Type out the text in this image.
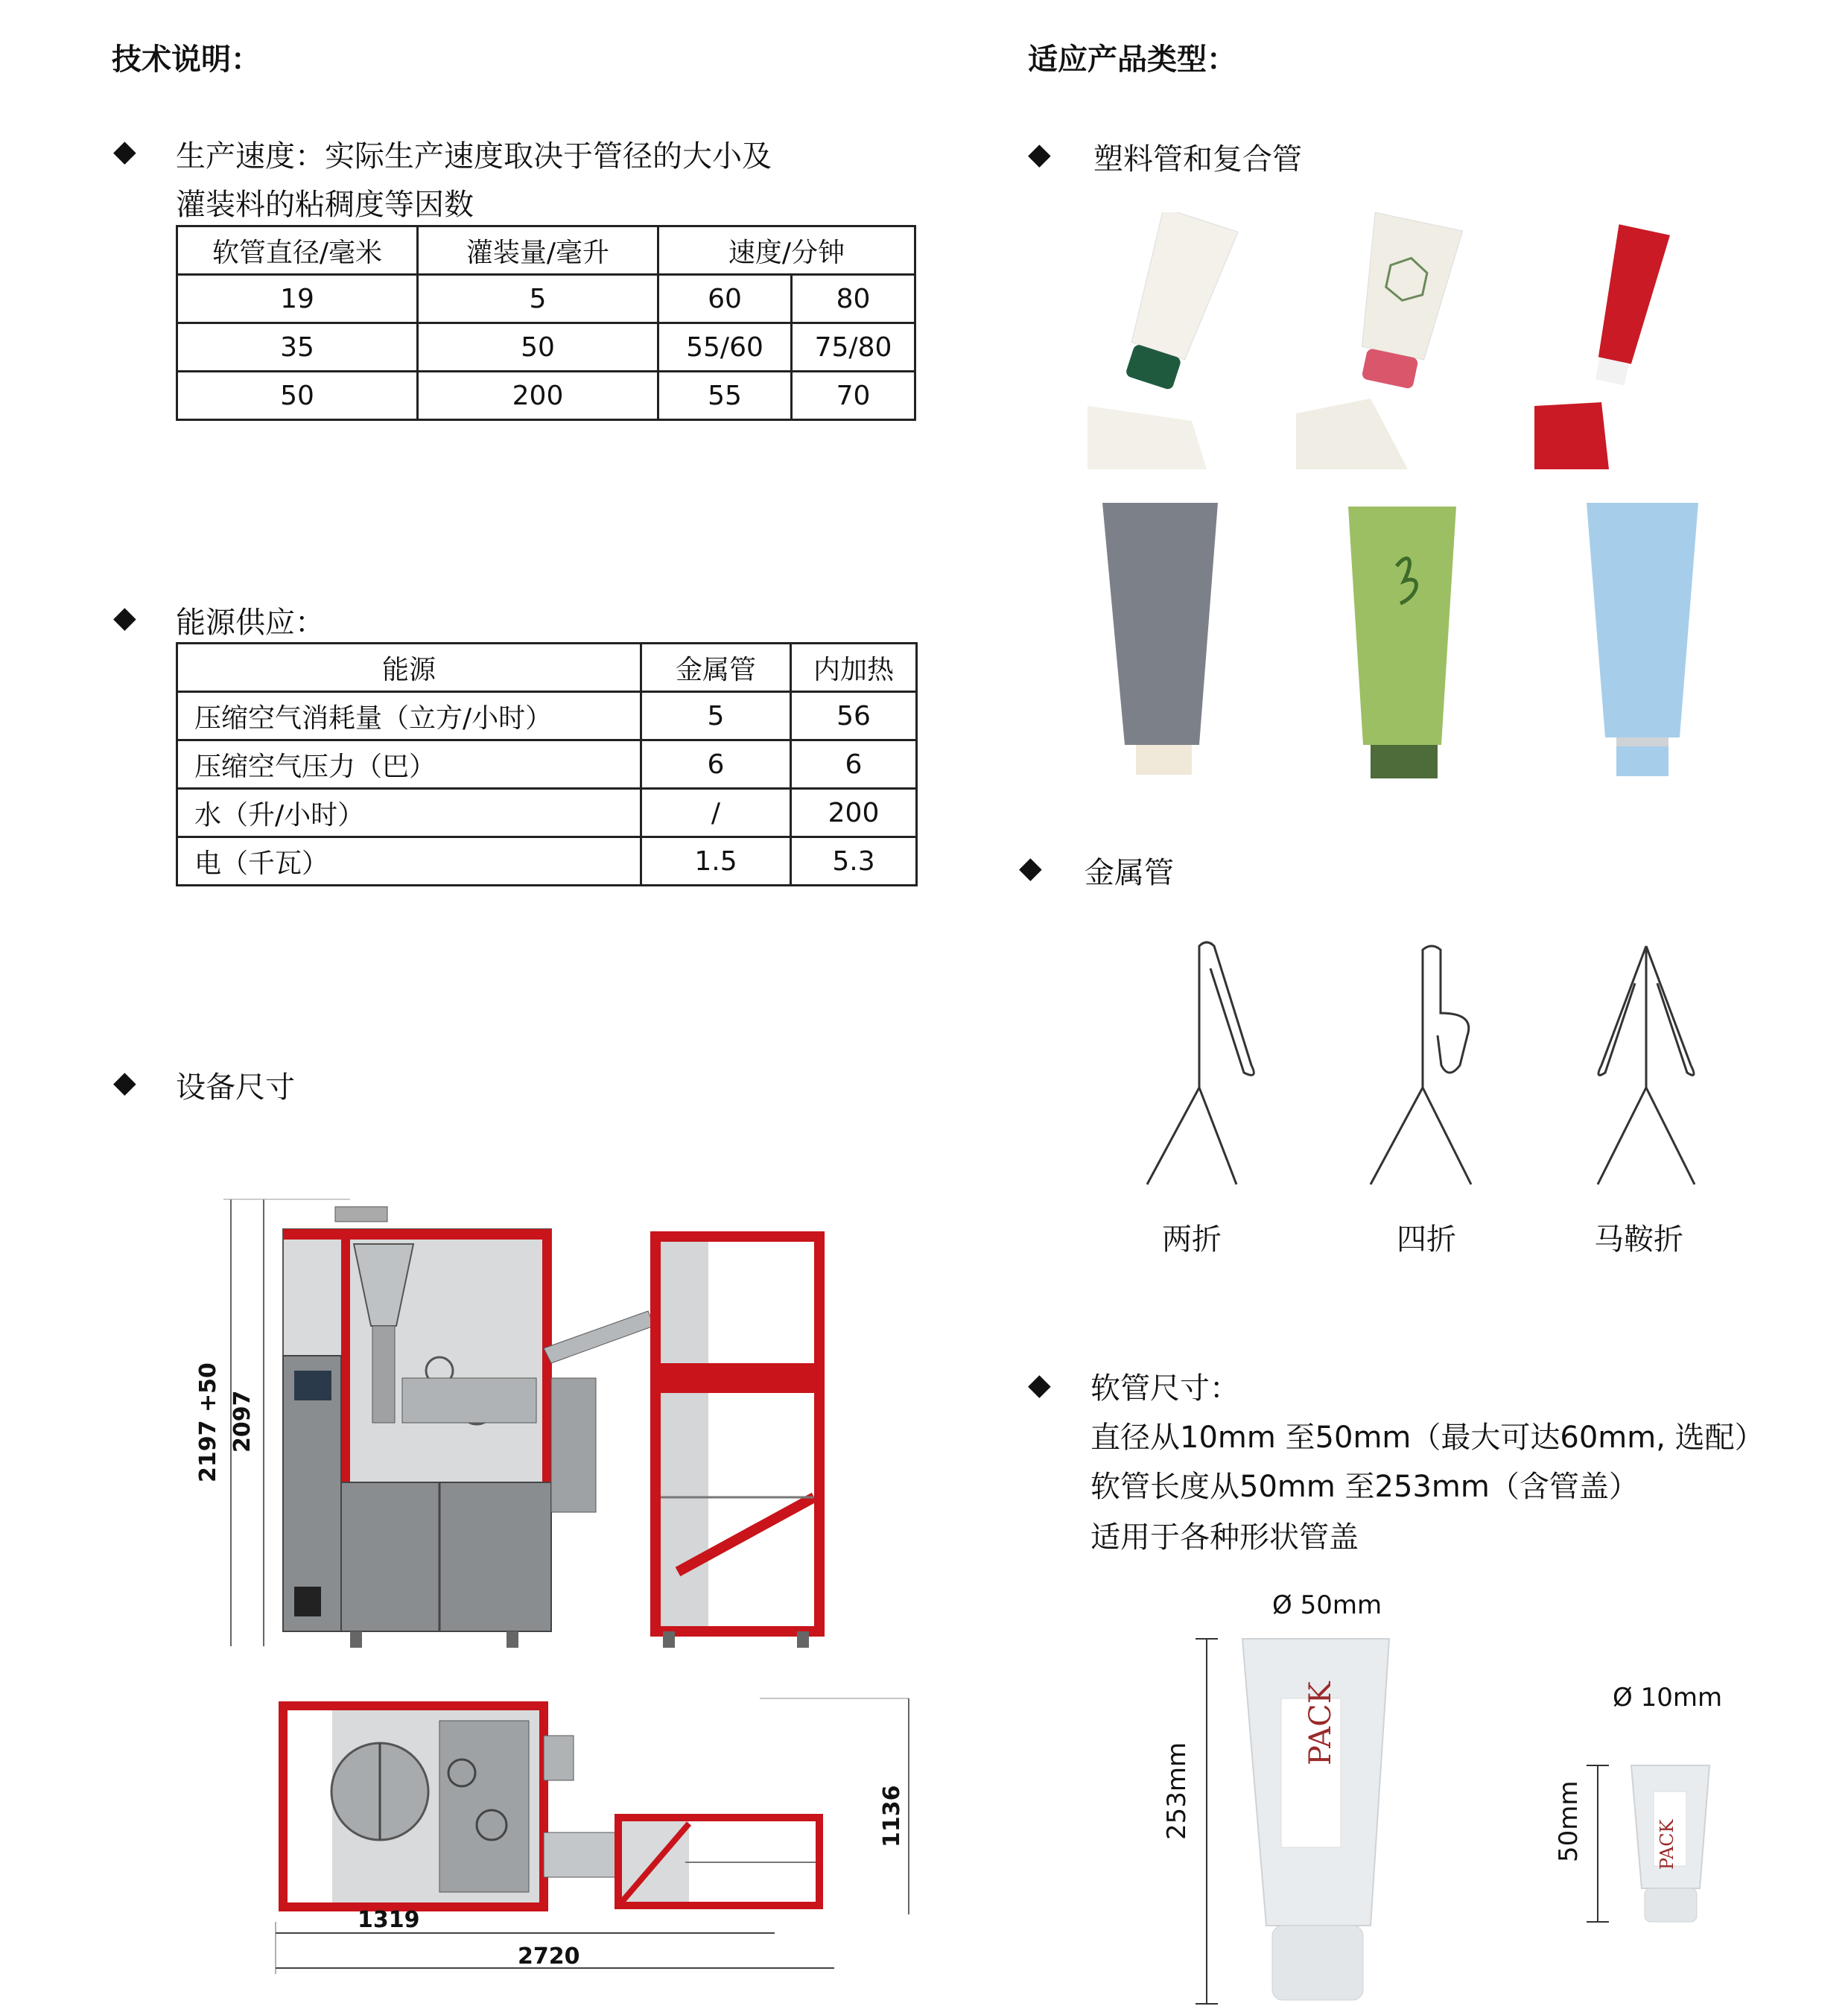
技术说明：
◆ 生产速度：实际生产速度取决于管径的大小及
灌装料的粘稠度等因数
软管直径/毫米	灌装量/毫升	速度/分钟	
19	5	60	80
35	50	55/60	75/80
50	200	55	70
◆ 能源供应：
能源	金属管	内加热
压缩空气消耗量（立方/小时）	5	56
压缩空气压力（巴）	6	6
水（升/小时）	/	200
电（千瓦）	1.5	5.3
◆ 设备尺寸
2197 +50 2097
1136
1319
2720
适应产品类型：
◆ 塑料管和复合管
◆ 金属管
两折	四折	马鞍折
◆ 软管尺寸：
直径从10mm 至50mm（最大可达60mm, 选配）
软管长度从50mm 至253mm（含管盖）
适用于各种形状管盖
Ø 50mm
Ø 10mm
PACK
PACK
253mm	50mm
